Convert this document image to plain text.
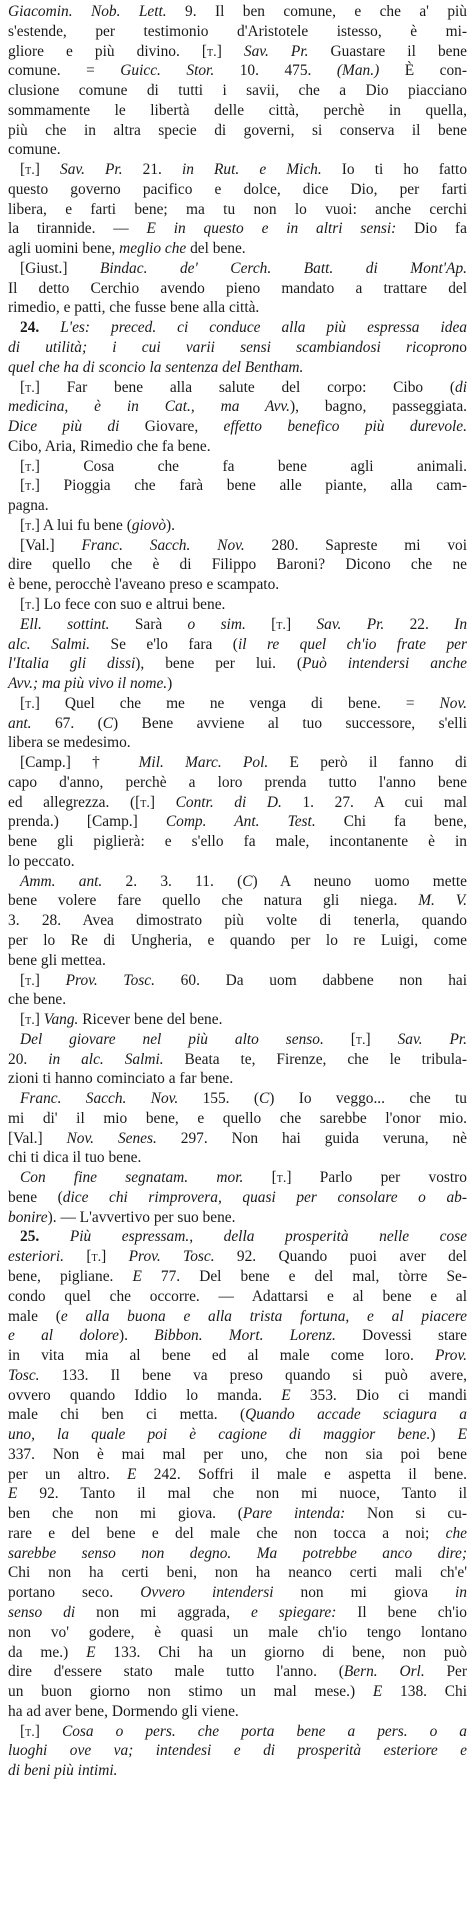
Giacomin. Nob. Lett. 9. Il ben comune, e che a' più
s'estende, per testimonio d'Aristotele istesso, è mi-
gliore e più divino. [t.] Sav. Pr. Guastare il bene
comune. = Guicc. Stor. 10. 475. (Man.) È con-
clusione comune di tutti i savii, che a Dio piacciano
sommamente le libertà delle città, perchè in quella,
più che in altra specie di governi, si conserva il bene
comune.
[t.] Sav. Pr. 21. in Rut. e Mich. Io ti ho fatto
questo governo pacifico e dolce, dice Dio, per farti
libera, e farti bene; ma tu non lo vuoi: anche cerchi
la tirannide. — E in questo e in altri sensi: Dio fa
agli uomini bene, meglio che del bene.
[Giust.] Bindac. de' Cerch. Batt. di Mont'Ap.
Il detto Cerchio avendo pieno mandato a trattare del
rimedio, e patti, che fusse bene alla città.
24. L'es: preced. ci conduce alla più espressa idea
di utilità; i cui varii sensi scambiandosi ricoprono
quel che ha di sconcio la sentenza del Bentham.
[t.] Far bene alla salute del corpo: Cibo (di
medicina, è in Cat., ma Avv.), bagno, passeggiata.
Dice più di Giovare, effetto benefico più durevole.
Cibo, Aria, Rimedio che fa bene.
[t.] Cosa che fa bene agli animali.
[t.] Pioggia che farà bene alle piante, alla cam-
pagna.
[t.] A lui fu bene (giovò).
[Val.] Franc. Sacch. Nov. 280. Sapreste mi voi
dire quello che è di Filippo Baroni? Dicono che ne
è bene, perocchè l'aveano preso e scampato.
[t.] Lo fece con suo e altrui bene.
Ell. sottint. Sarà o sim. [t.] Sav. Pr. 22. In
alc. Salmi. Se e'lo fara (il re quel ch'io frate per
l'Italia gli dissi), bene per lui. (Può intendersi anche
Avv.; ma più vivo il nome.)
[t.] Quel che me ne venga di bene. = Nov.
ant. 67. (C) Bene avviene al tuo successore, s'elli
libera se medesimo.
[Camp.] † Mil. Marc. Pol. E però il fanno di
capo d'anno, perchè a loro prenda tutto l'anno bene
ed allegrezza. ([t.] Contr. di D. 1. 27. A cui mal
prenda.) [Camp.] Comp. Ant. Test. Chi fa bene,
bene gli piglierà: e s'ello fa male, incontanente è in
lo peccato.
Amm. ant. 2. 3. 11. (C) A neuno uomo mette
bene volere fare quello che natura gli niega. M. V.
3. 28. Avea dimostrato più volte di tenerla, quando
per lo Re di Ungheria, e quando per lo re Luigi, come
bene gli mettea.
[t.] Prov. Tosc. 60. Da uom dabbene non hai
che bene.
[t.] Vang. Ricever bene del bene.
Del giovare nel più alto senso. [t.] Sav. Pr.
20. in alc. Salmi. Beata te, Firenze, che le tribula-
zioni ti hanno cominciato a far bene.
Franc. Sacch. Nov. 155. (C) Io veggo... che tu
mi di' il mio bene, e quello che sarebbe l'onor mio.
[Val.] Nov. Senes. 297. Non hai guida veruna, nè
chi ti dica il tuo bene.
Con fine segnatam. mor. [t.] Parlo per vostro
bene (dice chi rimprovera, quasi per consolare o ab-
bonire). — L'avvertivo per suo bene.
25. Più espressam., della prosperità nelle cose
esteriori. [t.] Prov. Tosc. 92. Quando puoi aver del
bene, pigliane. E 77. Del bene e del mal, tòrre Se-
condo quel che occorre. — Adattarsi e al bene e al
male (e alla buona e alla trista fortuna, e al piacere
e al dolore). Bibbon. Mort. Lorenz. Dovessi stare
in vita mia al bene ed al male come loro. Prov.
Tosc. 133. Il bene va preso quando si può avere,
ovvero quando Iddio lo manda. E 353. Dio ci mandi
male chi ben ci metta. (Quando accade sciagura a
uno, la quale poi è cagione di maggior bene.) E
337. Non è mai mal per uno, che non sia poi bene
per un altro. E 242. Soffri il male e aspetta il bene.
E 92. Tanto il mal che non mi nuoce, Tanto il
ben che non mi giova. (Pare intenda: Non si cu-
rare e del bene e del male che non tocca a noi; che
sarebbe senso non degno. Ma potrebbe anco dire;
Chi non ha certi beni, non ha neanco certi mali ch'e'
portano seco. Ovvero intendersi non mi giova in
senso di non mi aggrada, e spiegare: Il bene ch'io
non vo' godere, è quasi un male ch'io tengo lontano
da me.) E 133. Chi ha un giorno di bene, non può
dire d'essere stato male tutto l'anno. (Bern. Orl. Per
un buon giorno non stimo un mal mese.) E 138. Chi
ha ad aver bene, Dormendo gli viene.
[t.] Cosa o pers. che porta bene a pers. o a
luoghi ove va; intendesi e di prosperità esteriore e
di beni più intimi.
